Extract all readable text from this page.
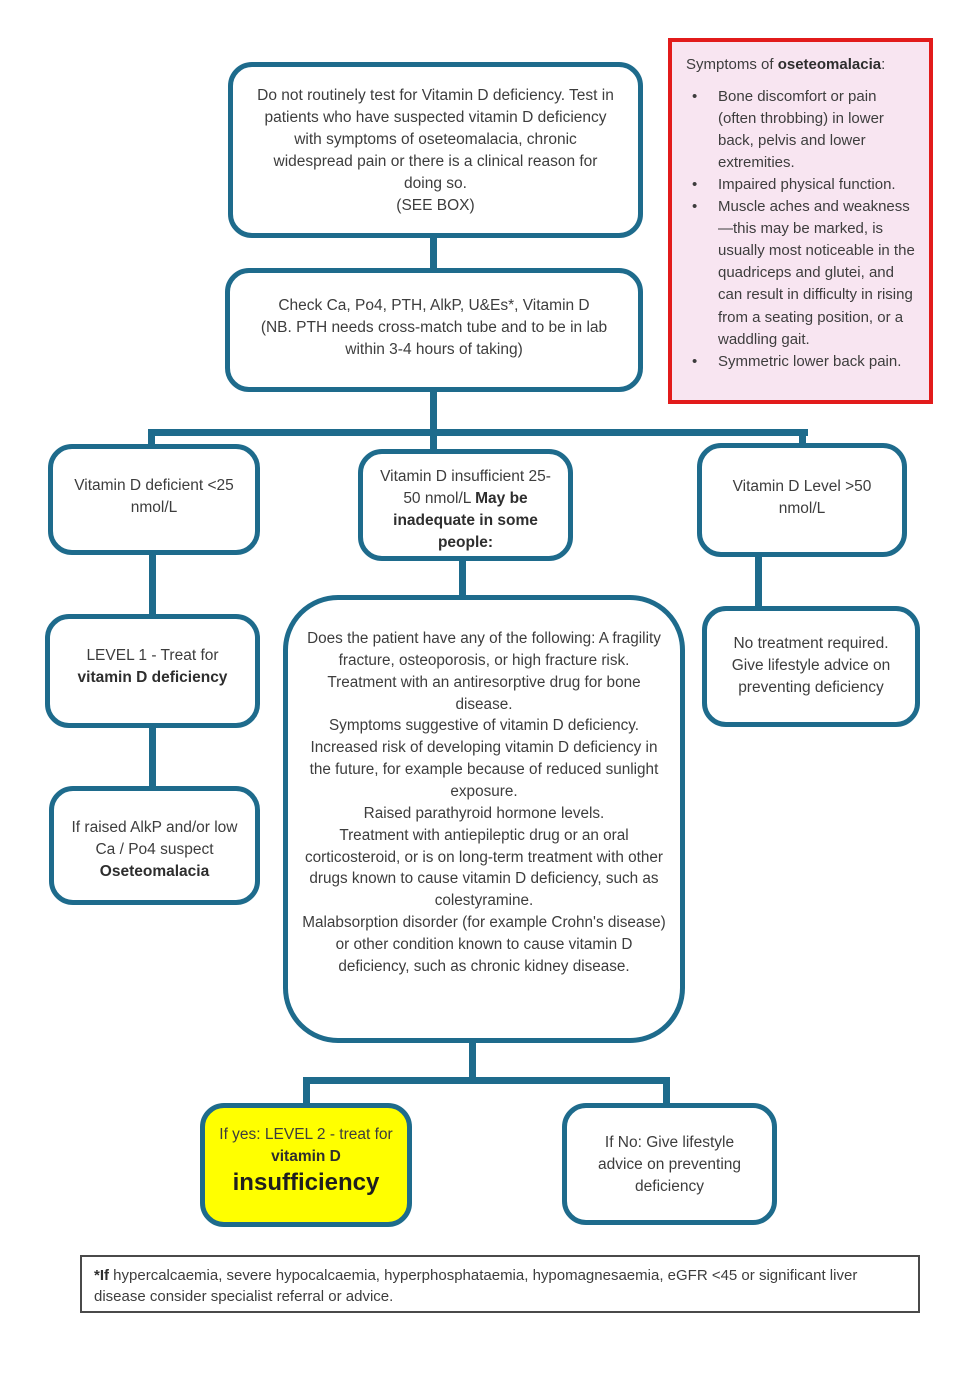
Do not routinely test for Vitamin D deficiency. Test in patients who have suspected vitamin D deficiency with symptoms of oseteomalacia, chronic widespread pain or there is a clinical reason for doing so.
(SEE BOX)
Symptoms of oseteomalacia:
•	Bone discomfort or pain (often throbbing) in lower back, pelvis and lower extremities.
•	Impaired physical function.
•	Muscle aches and weakness —this may be marked, is usually most noticeable in the quadriceps and glutei, and can result in difficulty in rising from a seating position, or a waddling gait.
•	Symmetric lower back pain.
Check Ca, Po4, PTH, AlkP, U&Es*, Vitamin D
(NB. PTH needs cross-match tube and to be in lab within 3-4 hours of taking)
Vitamin D deficient <25 nmol/L
Vitamin D insufficient 25- 50 nmol/L May be inadequate in some people:
Vitamin D Level >50 nmol/L
LEVEL 1 - Treat for
vitamin D deficiency
No treatment required. Give lifestyle advice on preventing deficiency
If raised AlkP and/or low Ca / Po4 suspect
Oseteomalacia
Does the patient have any of the following: A fragility fracture, osteoporosis, or high fracture risk.
Treatment with an antiresorptive drug for bone disease.
Symptoms suggestive of vitamin D deficiency.
Increased risk of developing vitamin D deficiency in the future, for example because of reduced sunlight exposure.
Raised parathyroid hormone levels.
Treatment with antiepileptic drug or an oral corticosteroid, or is on long-term treatment with other drugs known to cause vitamin D deficiency, such as colestyramine.
Malabsorption disorder (for example Crohn's disease) or other condition known to cause vitamin D deficiency, such as chronic kidney disease.
If yes: LEVEL 2 - treat for vitamin D
insufficiency
If No: Give lifestyle advice on preventing deficiency
*If hypercalcaemia, severe hypocalcaemia, hyperphosphataemia, hypomagnesaemia, eGFR <45 or significant liver disease consider specialist referral or advice.
